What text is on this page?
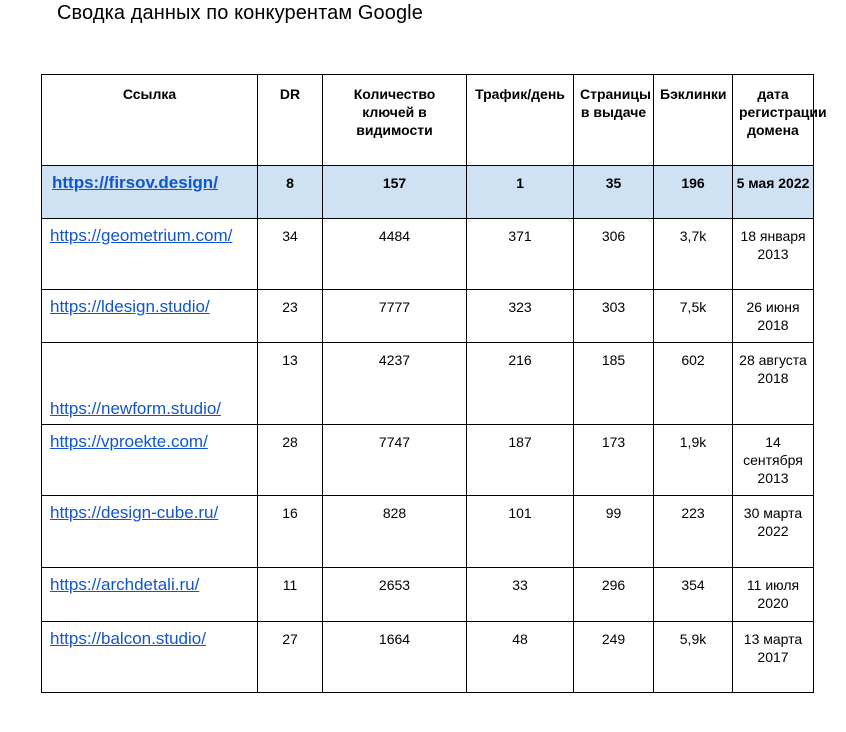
Сводка данных по конкурентам Google
Ссылка	DR	Количество ключей в видимости	Трафик/день	Страницы в выдаче	Бэклинки	дата регистрации домена
https://firsov.design/	8	157	1	35	196	5 мая 2022
https://geometrium.com/	34	4484	371	306	3,7k	18 января 2013
https://ldesign.studio/	23	7777	323	303	7,5k	26 июня 2018
https://newform.studio/	13	4237	216	185	602	28 августа 2018
https://vproekte.com/	28	7747	187	173	1,9k	14 сентября 2013
https://design-cube.ru/	16	828	101	99	223	30 марта 2022
https://archdetali.ru/	11	2653	33	296	354	11 июля 2020
https://balcon.studio/	27	1664	48	249	5,9k	13 марта 2017
